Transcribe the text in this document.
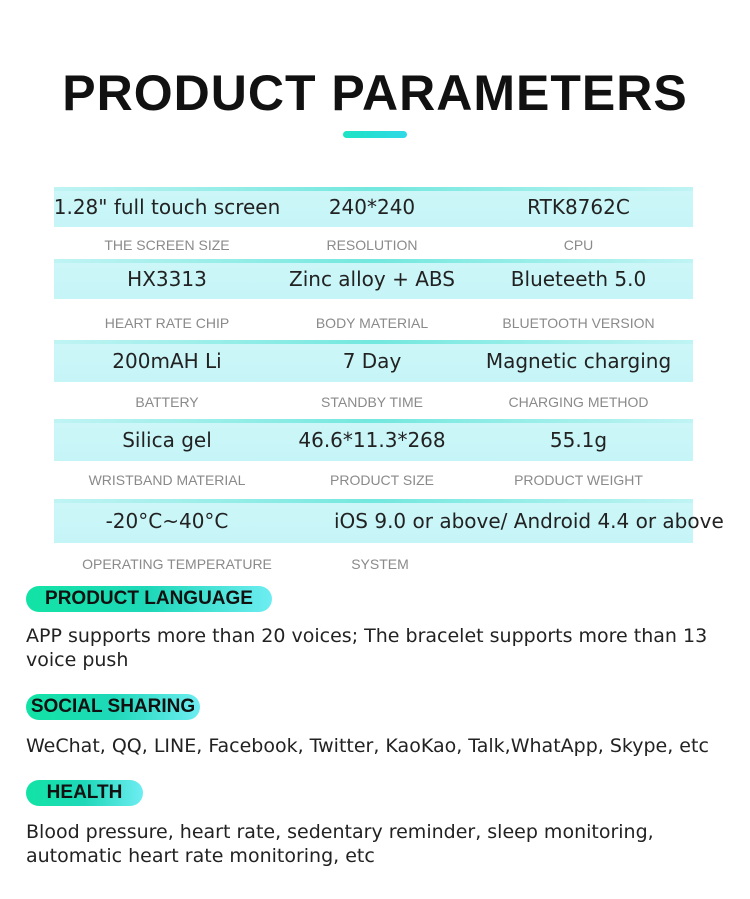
PRODUCT PARAMETERS
1.28" full touch screen	240*240	RTK8762C
THE SCREEN SIZE	RESOLUTION	CPU
HX3313	Zinc alloy + ABS	Blueteeth 5.0
HEART RATE CHIP	BODY MATERIAL	BLUETOOTH VERSION
200mAH Li	7 Day	Magnetic charging
BATTERY	STANDBY TIME	CHARGING METHOD
Silica gel	46.6*11.3*268	55.1g
WRISTBAND MATERIAL	PRODUCT SIZE	PRODUCT WEIGHT
-20°C~40°C	iOS 9.0 or above/ Android 4.4 or above
OPERATING TEMPERATURE	SYSTEM
PRODUCT LANGUAGE
APP supports more than 20 voices; The bracelet supports more than 13 voice push
SOCIAL SHARING
WeChat, QQ, LINE, Facebook, Twitter, KaoKao, Talk,WhatApp, Skype, etc
HEALTH
Blood pressure, heart rate, sedentary reminder, sleep monitoring, automatic heart rate monitoring, etc
